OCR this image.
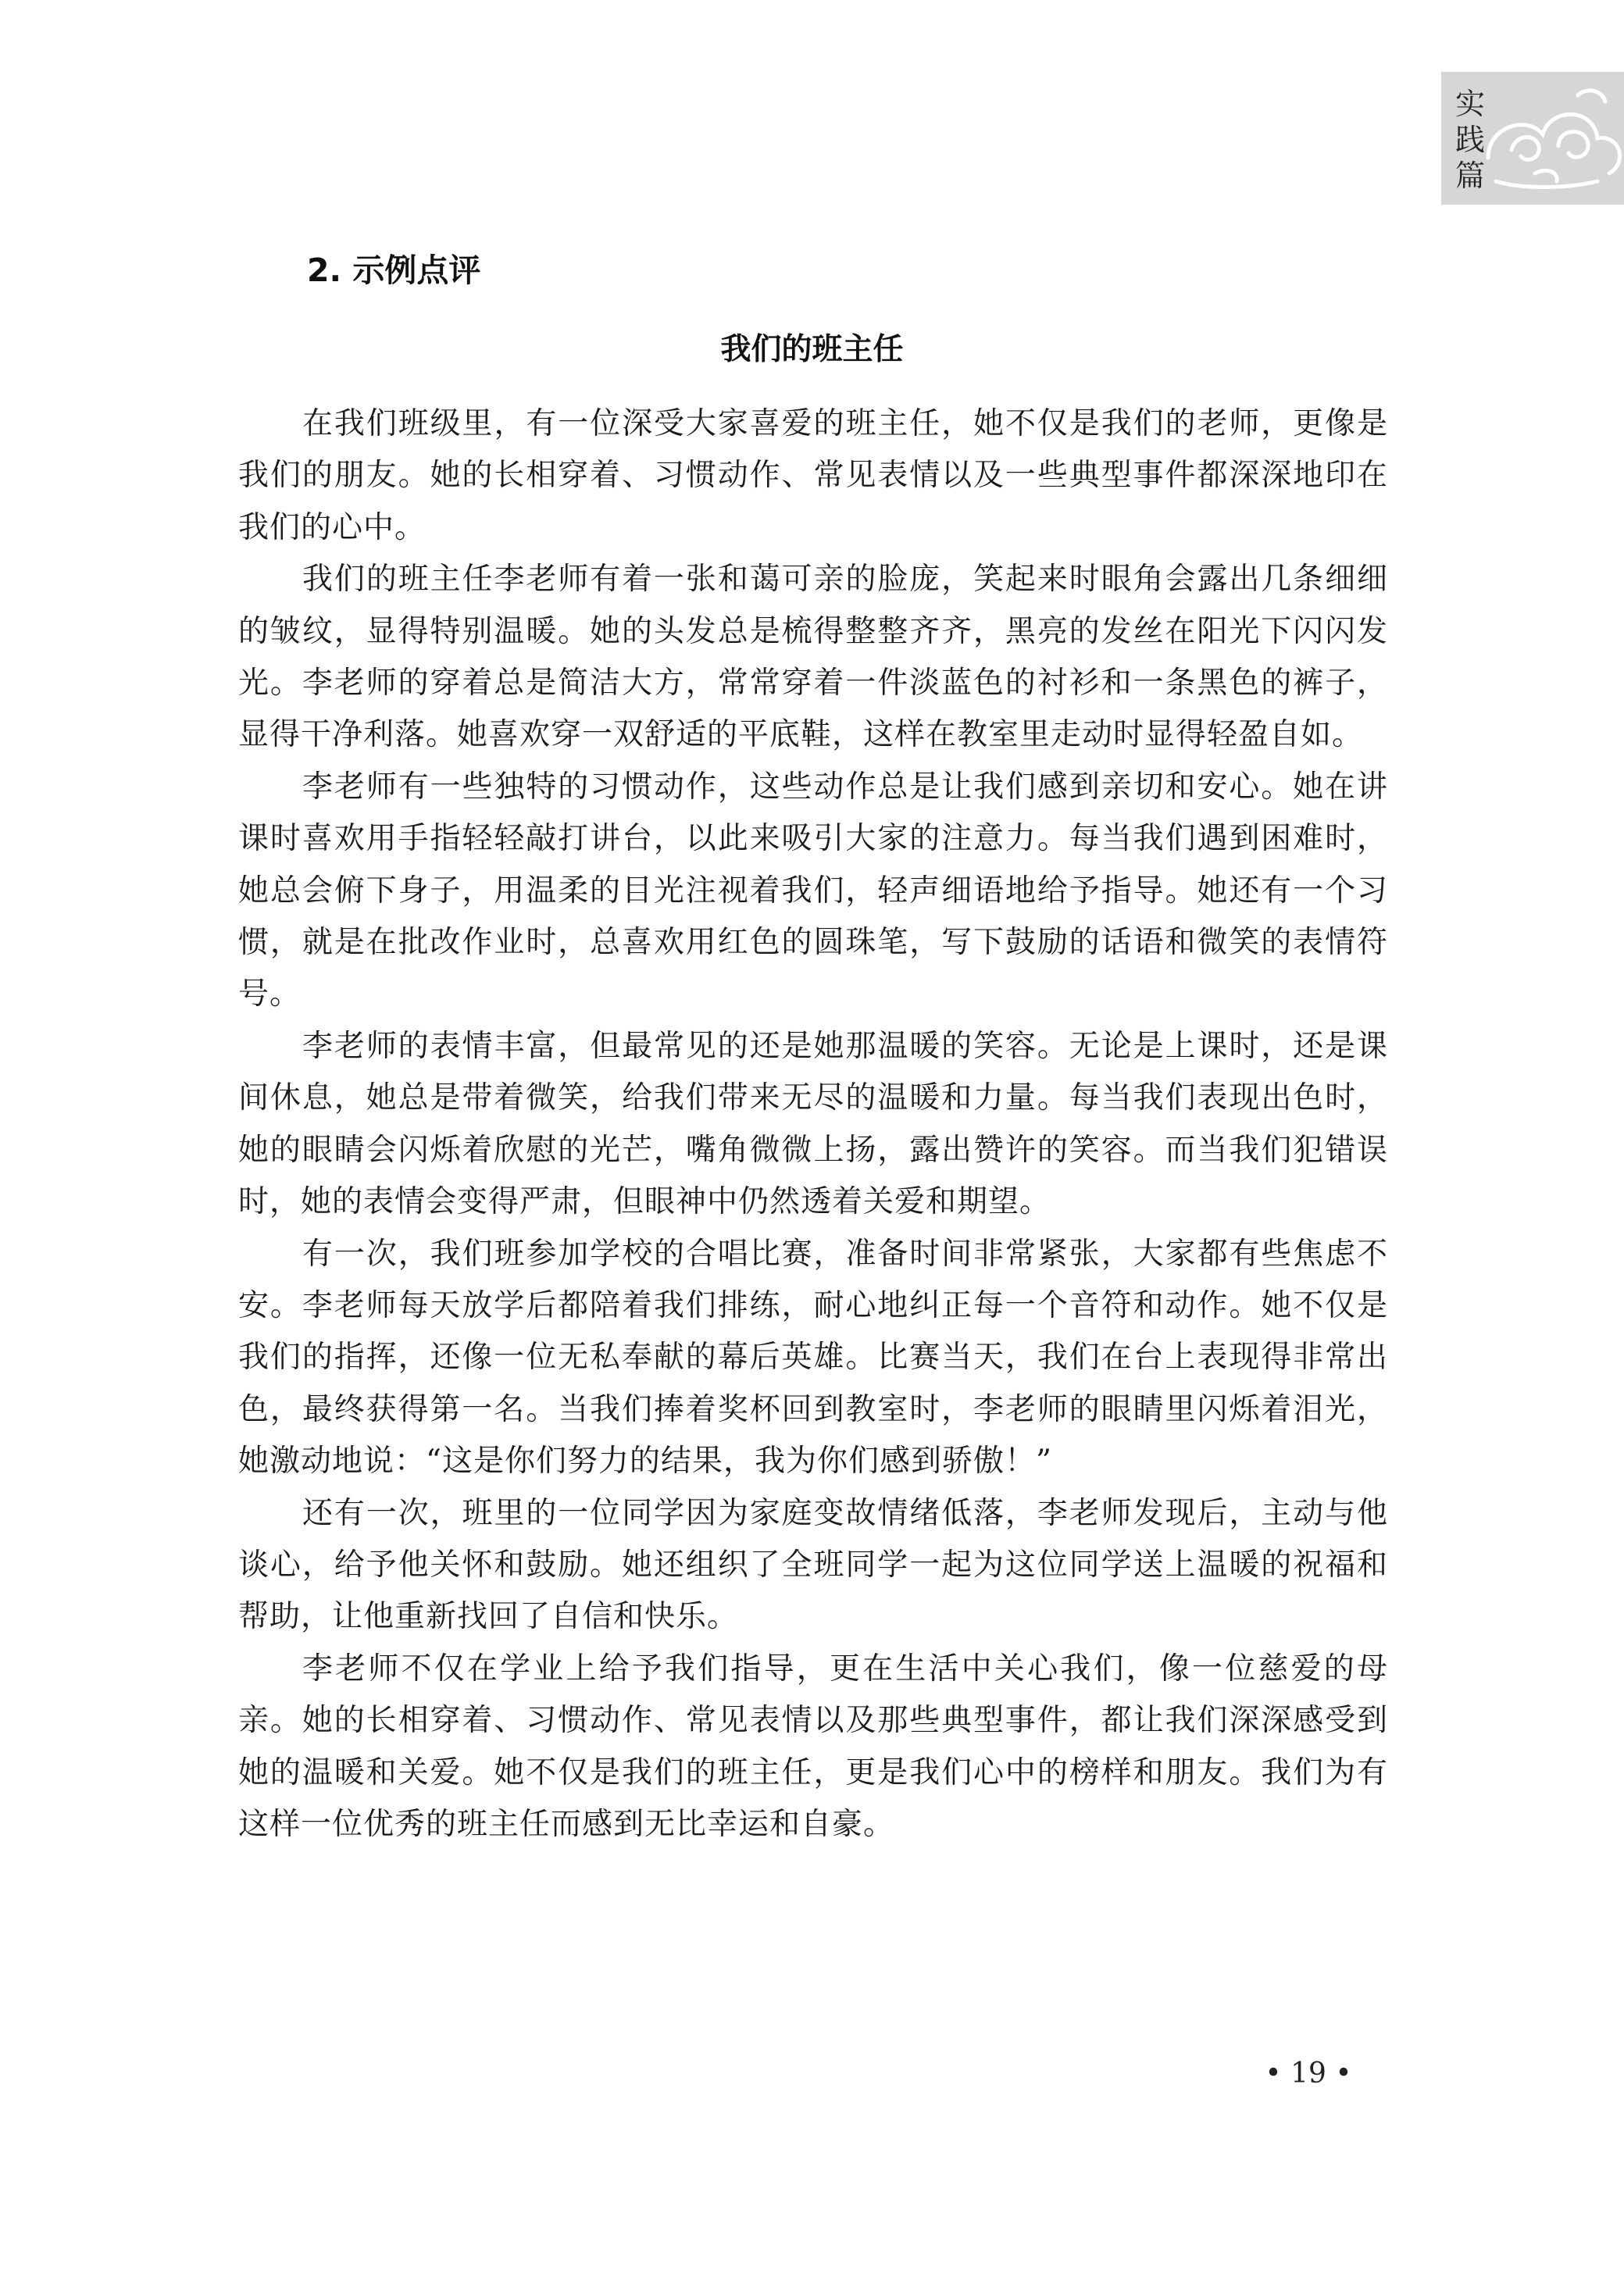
实践篇
2. 示例点评
我们的班主任

在我们班级里，有一位深受大家喜爱的班主任，她不仅是我们的老师，更像是我们的朋友。她的长相穿着、习惯动作、常见表情以及一些典型事件都深深地印在我们的心中。

我们的班主任李老师有着一张和蔼可亲的脸庞，笑起来时眼角会露出几条细细的皱纹，显得特别温暖。她的头发总是梳得整整齐齐，黑亮的发丝在阳光下闪闪发光。李老师的穿着总是简洁大方，常常穿着一件淡蓝色的衬衫和一条黑色的裤子，显得干净利落。她喜欢穿一双舒适的平底鞋，这样在教室里走动时显得轻盈自如。

李老师有一些独特的习惯动作，这些动作总是让我们感到亲切和安心。她在讲课时喜欢用手指轻轻敲打讲台，以此来吸引大家的注意力。每当我们遇到困难时，她总会俯下身子，用温柔的目光注视着我们，轻声细语地给予指导。她还有一个习惯，就是在批改作业时，总喜欢用红色的圆珠笔，写下鼓励的话语和微笑的表情符号。

李老师的表情丰富，但最常见的还是她那温暖的笑容。无论是上课时，还是课间休息，她总是带着微笑，给我们带来无尽的温暖和力量。每当我们表现出色时，她的眼睛会闪烁着欣慰的光芒，嘴角微微上扬，露出赞许的笑容。而当我们犯错误时，她的表情会变得严肃，但眼神中仍然透着关爱和期望。

有一次，我们班参加学校的合唱比赛，准备时间非常紧张，大家都有些焦虑不安。李老师每天放学后都陪着我们排练，耐心地纠正每一个音符和动作。她不仅是我们的指挥，还像一位无私奉献的幕后英雄。比赛当天，我们在台上表现得非常出色，最终获得第一名。当我们捧着奖杯回到教室时，李老师的眼睛里闪烁着泪光，她激动地说：“这是你们努力的结果，我为你们感到骄傲！”

还有一次，班里的一位同学因为家庭变故情绪低落，李老师发现后，主动与他谈心，给予他关怀和鼓励。她还组织了全班同学一起为这位同学送上温暖的祝福和帮助，让他重新找回了自信和快乐。

李老师不仅在学业上给予我们指导，更在生活中关心我们，像一位慈爱的母亲。她的长相穿着、习惯动作、常见表情以及那些典型事件，都让我们深深感受到她的温暖和关爱。她不仅是我们的班主任，更是我们心中的榜样和朋友。我们为有这样一位优秀的班主任而感到无比幸运和自豪。

• 19 •
